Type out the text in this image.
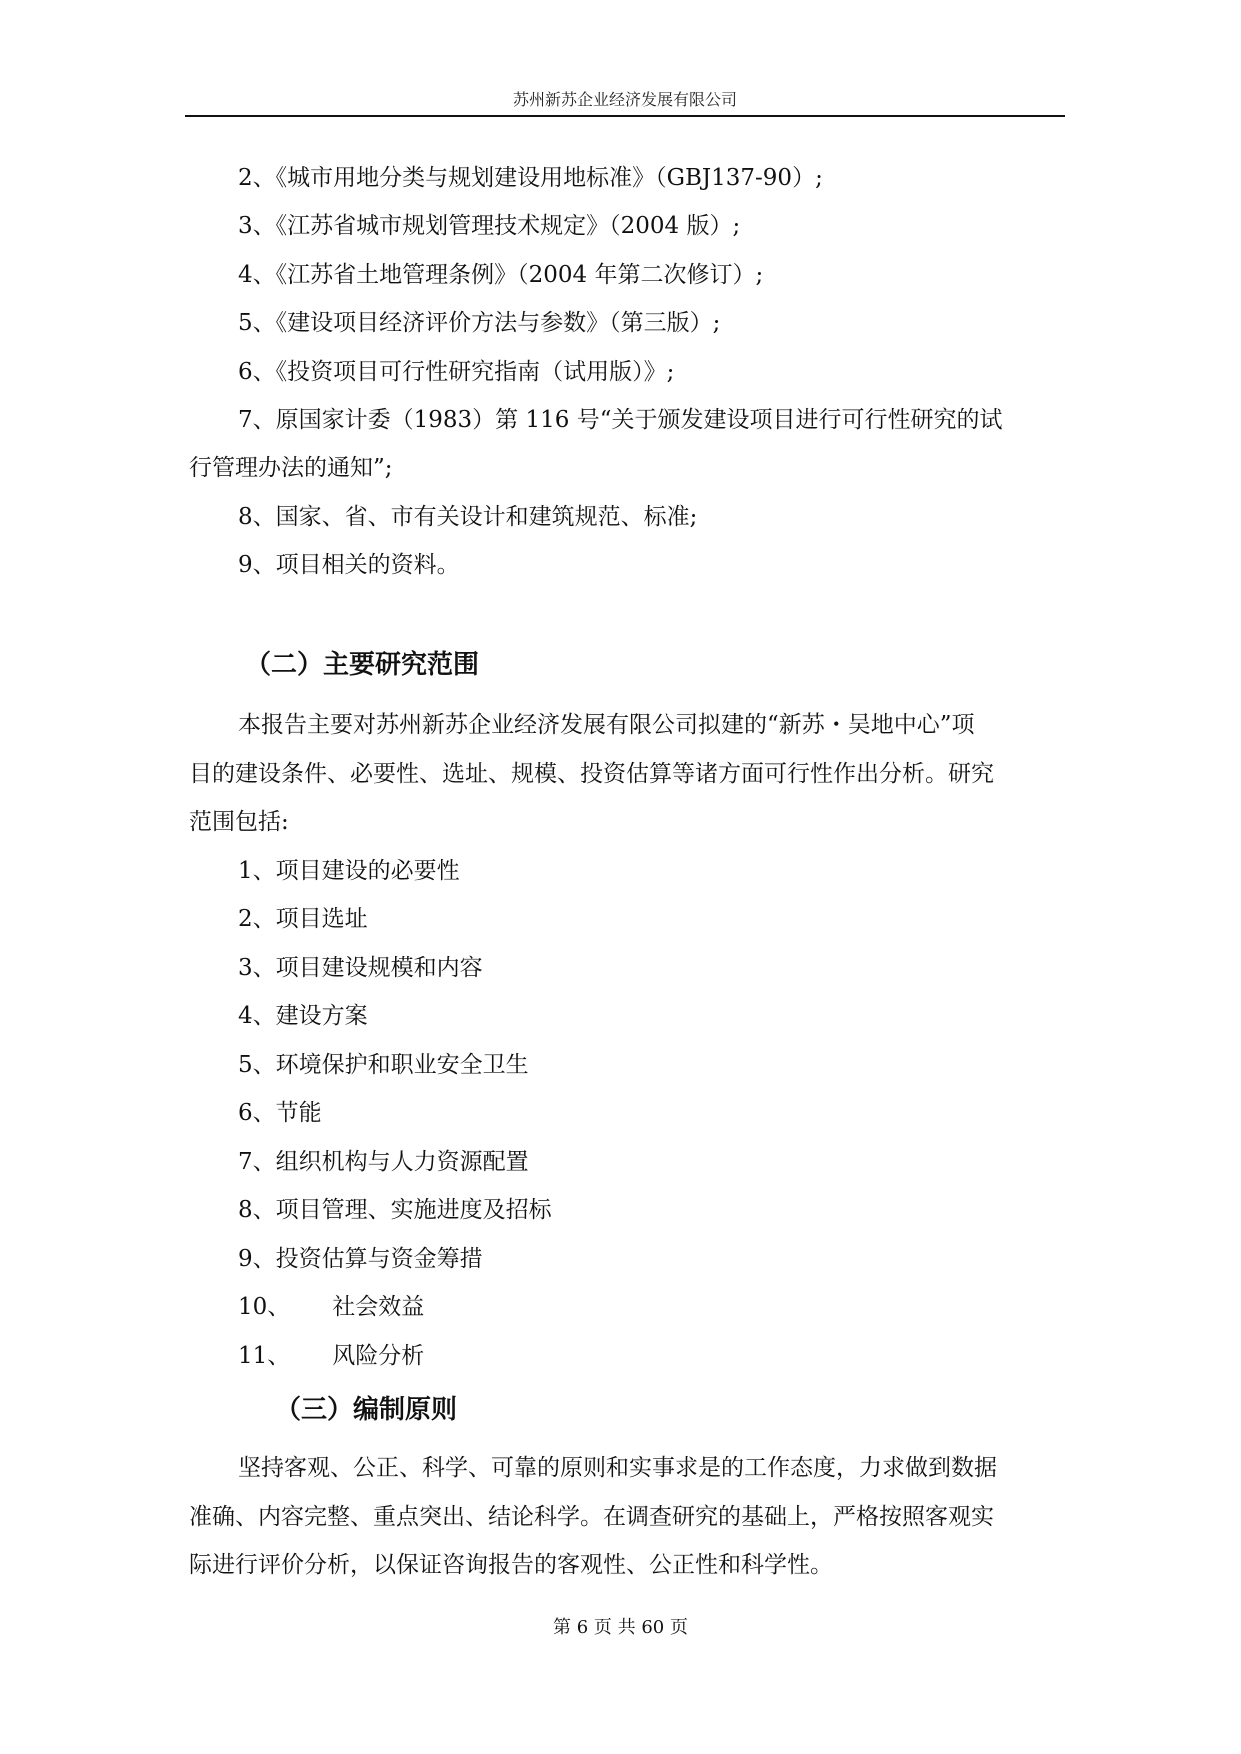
苏州新苏企业经济发展有限公司
2、《城市用地分类与规划建设用地标准》（GBJ137-90）;
3、《江苏省城市规划管理技术规定》（2004 版）;
4、《江苏省土地管理条例》（2004 年第二次修订）;
5、《建设项目经济评价方法与参数》（第三版）;
6、《投资项目可行性研究指南（试用版）》;
7、原国家计委（1983）第 116 号“关于颁发建设项目进行可行性研究的试
行管理办法的通知”;
8、国家、省、市有关设计和建筑规范、标准;
9、项目相关的资料。
（二）主要研究范围
本报告主要对苏州新苏企业经济发展有限公司拟建的“新苏・吴地中心”项
目的建设条件、必要性、选址、规模、投资估算等诸方面可行性作出分析。研究
范围包括:
1、项目建设的必要性
2、项目选址
3、项目建设规模和内容
4、建设方案
5、环境保护和职业安全卫生
6、节能
7、组织机构与人力资源配置
8、项目管理、实施进度及招标
9、投资估算与资金筹措
10、 社会效益
11、 风险分析
（三）编制原则
坚持客观、公正、科学、可靠的原则和实事求是的工作态度，力求做到数据
准确、内容完整、重点突出、结论科学。在调查研究的基础上，严格按照客观实
际进行评价分析，以保证咨询报告的客观性、公正性和科学性。
第 6 页 共 60 页
